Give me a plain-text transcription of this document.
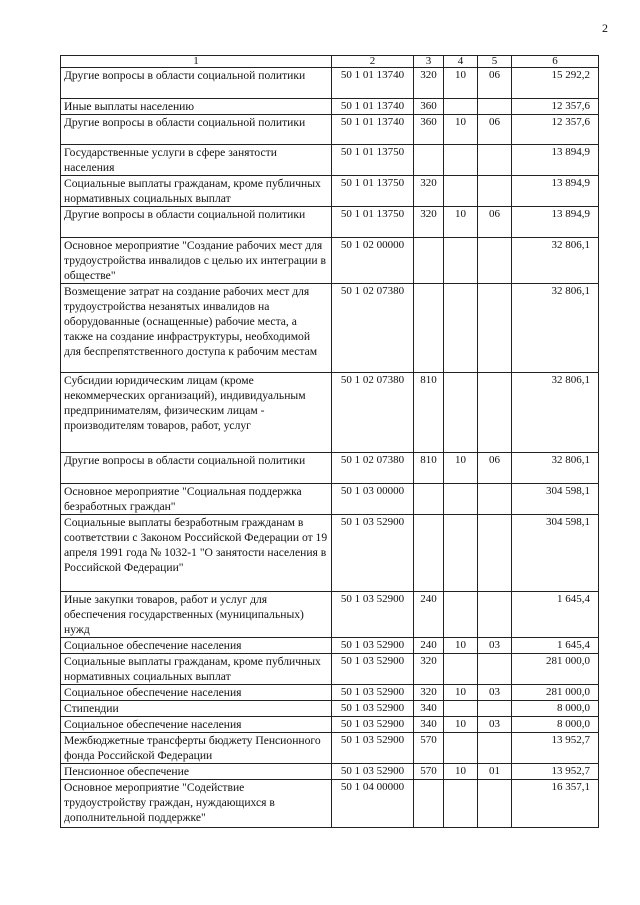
2
1	2	3	4	5	6
Другие вопросы в области социальной политики	50 1 01 13740	320	10	06	15 292,2
Иные выплаты населению	50 1 01 13740	360			12 357,6
Другие вопросы в области социальной политики	50 1 01 13740	360	10	06	12 357,6
Государственные услуги в сфере занятости населения	50 1 01 13750				13 894,9
Социальные выплаты гражданам, кроме публичных нормативных социальных выплат	50 1 01 13750	320			13 894,9
Другие вопросы в области социальной политики	50 1 01 13750	320	10	06	13 894,9
Основное мероприятие "Создание рабочих мест для трудоустройства инвалидов с целью их интеграции в обществе"	50 1 02 00000				32 806,1
Возмещение затрат на создание рабочих мест для трудоустройства незанятых инвалидов на оборудованные (оснащенные) рабочие места, а также на создание инфраструктуры, необходимой для беспрепятственного доступа к рабочим местам	50 1 02 07380				32 806,1
Субсидии юридическим лицам (кроме некоммерческих организаций), индивидуальным предпринимателям, физическим лицам - производителям товаров, работ, услуг	50 1 02 07380	810			32 806,1
Другие вопросы в области социальной политики	50 1 02 07380	810	10	06	32 806,1
Основное мероприятие "Социальная поддержка безработных граждан"	50 1 03 00000				304 598,1
Социальные выплаты безработным гражданам в соответствии с Законом Российской Федерации от 19 апреля 1991 года № 1032-1 "О занятости населения в Российской Федерации"	50 1 03 52900				304 598,1
Иные закупки товаров, работ и услуг для обеспечения государственных (муниципальных) нужд	50 1 03 52900	240			1 645,4
Социальное обеспечение населения	50 1 03 52900	240	10	03	1 645,4
Социальные выплаты гражданам, кроме публичных нормативных социальных выплат	50 1 03 52900	320			281 000,0
Социальное обеспечение населения	50 1 03 52900	320	10	03	281 000,0
Стипендии	50 1 03 52900	340			8 000,0
Социальное обеспечение населения	50 1 03 52900	340	10	03	8 000,0
Межбюджетные трансферты бюджету Пенсионного фонда Российской Федерации	50 1 03 52900	570			13 952,7
Пенсионное обеспечение	50 1 03 52900	570	10	01	13 952,7
Основное мероприятие "Содействие трудоустройству граждан, нуждающихся в дополнительной поддержке"	50 1 04 00000				16 357,1
